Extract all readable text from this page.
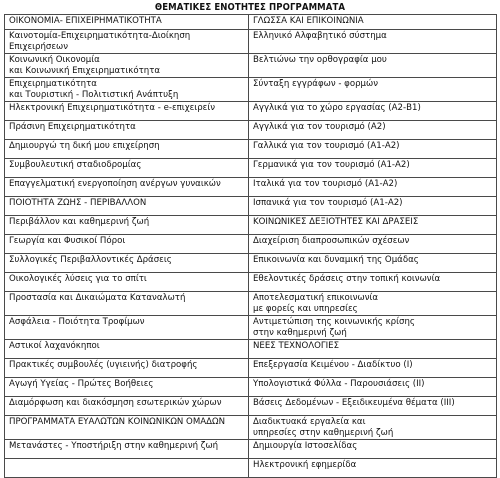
ΘΕΜΑΤΙΚΕΣ ΕΝΟΤΗΤΕΣ ΠΡΟΓΡΑΜΜΑΤΑ
ΟΙΚΟΝΟΜΙΑ- ΕΠΙΧΕΙΡΗΜΑΤΙΚΟΤΗΤΑ	ΓΛΩΣΣΑ ΚΑΙ ΕΠΙΚΟΙΝΩΝΙΑ

Καινοτομία-Επιχειρηματικότητα-Διοίκηση
Επιχειρήσεων	Ελληνικό Αλφαβητικό σύστημα

Κοινωνική Οικονομία
και Κοινωνική Επιχειρηματικότητα	Βελτιώνω την ορθογραφία μου

Επιχειρηματικότητα
και Τουριστική - Πολιτιστική Ανάπτυξη	Σύνταξη εγγράφων - φορμών

Ηλεκτρονική Επιχειρηματικότητα - e-επιχειρείν	Αγγλικά για το χώρο εργασίας (Α2-Β1)

Πράσινη Επιχειρηματικότητα	Αγγλικά για τον τουρισμό (Α2)

Δημιουργώ τη δική μου επιχείρηση	Γαλλικά για τον τουρισμό (Α1-Α2)

Συμβουλευτική σταδιοδρομίας	Γερμανικά για τον τουρισμό (Α1-Α2)

Επαγγελματική ενεργοποίηση ανέργων γυναικών	Ιταλικά για τον τουρισμό (Α1-Α2)

ΠΟΙΟΤΗΤΑ ΖΩΗΣ - ΠΕΡΙΒΑΛΛΟΝ	Ισπανικά για τον τουρισμό (Α1-Α2)

Περιβάλλον και καθημερινή ζωή	ΚΟΙΝΩΝΙΚΕΣ ΔΕΞΙΟΤΗΤΕΣ ΚΑΙ ΔΡΑΣΕΙΣ

Γεωργία και Φυσικοί Πόροι	Διαχείριση διαπροσωπικών σχέσεων

Συλλογικές Περιβαλλοντικές Δράσεις	Επικοινωνία και δυναμική της Ομάδας

Οικολογικές λύσεις για το σπίτι	Εθελοντικές δράσεις στην τοπική κοινωνία

Προστασία και Δικαιώματα Καταναλωτή	Αποτελεσματική επικοινωνία
με φορείς και υπηρεσίες

Ασφάλεια - Ποιότητα Τροφίμων	Αντιμετώπιση της κοινωνικής κρίσης
στην καθημερινή ζωή

Αστικοί λαχανόκηποι	ΝΕΕΣ ΤΕΧΝΟΛΟΓΙΕΣ

Πρακτικές συμβουλές (υγιεινής) διατροφής	Επεξεργασία Κειμένου - Διαδίκτυο (Ι)

Αγωγή Υγείας - Πρώτες Βοήθειες	Υπολογιστικά Φύλλα - Παρουσιάσεις (ΙΙ)

Διαμόρφωση και διακόσμηση εσωτερικών χώρων	Βάσεις Δεδομένων - Εξειδικευμένα θέματα (ΙΙΙ)

ΠΡΟΓΡΑΜΜΑΤΑ ΕΥΑΛΩΤΩΝ ΚΟΙΝΩΝΙΚΩΝ ΟΜΑΔΩΝ	Διαδικτυακά εργαλεία και
υπηρεσίες στην καθημερινή ζωή

Μετανάστες - Υποστήριξη στην καθημερινή ζωή	Δημιουργία Ιστοσελίδας

	Ηλεκτρονική εφημερίδα
